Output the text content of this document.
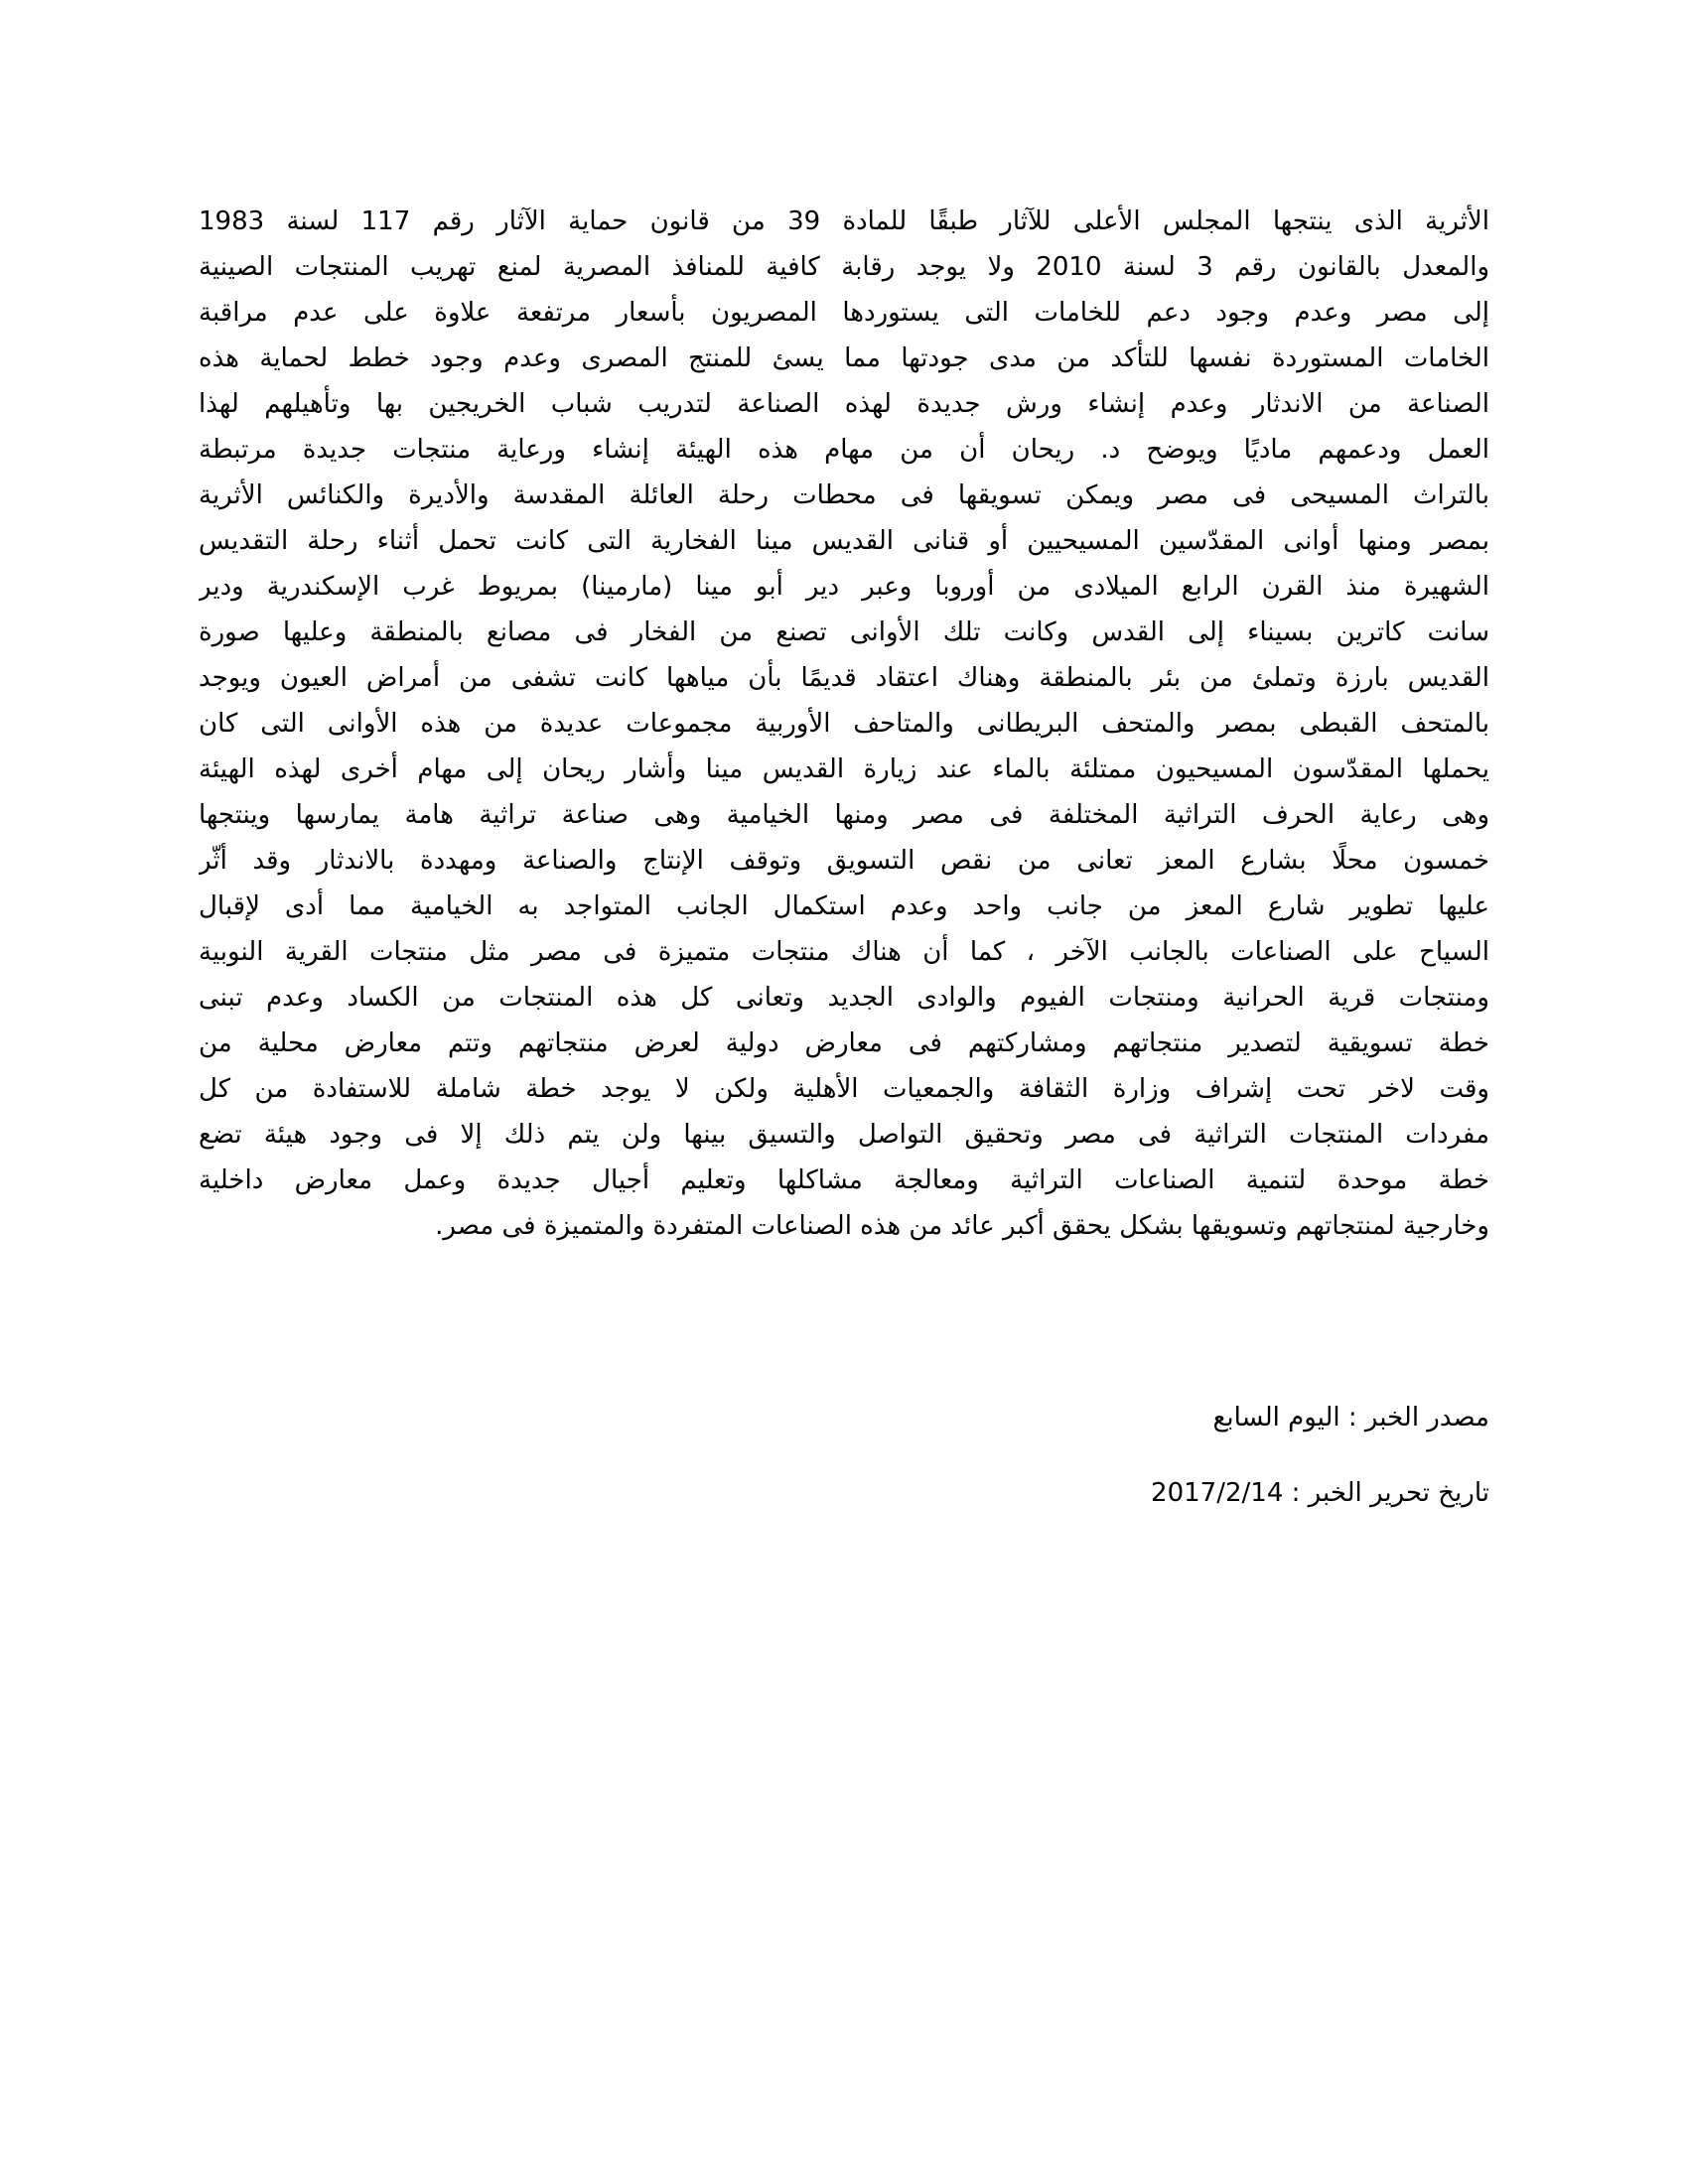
الأثرية الذى ينتجها المجلس الأعلى للآثار طبقًا للمادة 39 من قانون حماية الآثار رقم 117 لسنة 1983
والمعدل بالقانون رقم 3 لسنة 2010 ولا يوجد رقابة كافية للمنافذ المصرية لمنع تهريب المنتجات الصينية
إلى مصر وعدم وجود دعم للخامات التى يستوردها المصريون بأسعار مرتفعة علاوة على عدم مراقبة
الخامات المستوردة نفسها للتأكد من مدى جودتها مما يسئ للمنتج المصرى وعدم وجود خطط لحماية هذه
الصناعة من الاندثار وعدم إنشاء ورش جديدة لهذه الصناعة لتدريب شباب الخريجين بها وتأهيلهم لهذا
العمل ودعمهم ماديًا ويوضح د. ريحان أن من مهام هذه الهيئة إنشاء ورعاية منتجات جديدة مرتبطة
بالتراث المسيحى فى مصر ويمكن تسويقها فى محطات رحلة العائلة المقدسة والأديرة والكنائس الأثرية
بمصر ومنها أوانى المقدّسين المسيحيين أو قنانى القديس مينا الفخارية التى كانت تحمل أثناء رحلة التقديس
الشهيرة منذ القرن الرابع الميلادى من أوروبا وعبر دير أبو مينا (مارمينا) بمريوط غرب الإسكندرية ودير
سانت كاترين بسيناء إلى القدس وكانت تلك الأوانى تصنع من الفخار فى مصانع بالمنطقة وعليها صورة
القديس بارزة وتملئ من بئر بالمنطقة وهناك اعتقاد قديمًا بأن مياهها كانت تشفى من أمراض العيون ويوجد
بالمتحف القبطى بمصر والمتحف البريطانى والمتاحف الأوربية مجموعات عديدة من هذه الأوانى التى كان
يحملها المقدّسون المسيحيون ممتلئة بالماء عند زيارة القديس مينا وأشار ريحان إلى مهام أخرى لهذه الهيئة
وهى رعاية الحرف التراثية المختلفة فى مصر ومنها الخيامية وهى صناعة تراثية هامة يمارسها وينتجها
خمسون محلًا بشارع المعز تعانى من نقص التسويق وتوقف الإنتاج والصناعة ومهددة بالاندثار وقد أثّر
عليها تطوير شارع المعز من جانب واحد وعدم استكمال الجانب المتواجد به الخيامية مما أدى لإقبال
السياح على الصناعات بالجانب الآخر ، كما أن هناك منتجات متميزة فى مصر مثل منتجات القرية النوبية
ومنتجات قرية الحرانية ومنتجات الفيوم والوادى الجديد وتعانى كل هذه المنتجات من الكساد وعدم تبنى
خطة تسويقية لتصدير منتجاتهم ومشاركتهم فى معارض دولية لعرض منتجاتهم وتتم معارض محلية من
وقت لاخر تحت إشراف وزارة الثقافة والجمعيات الأهلية ولكن لا يوجد خطة شاملة للاستفادة من كل
مفردات المنتجات التراثية فى مصر وتحقيق التواصل والتسيق بينها ولن يتم ذلك إلا فى وجود هيئة تضع
خطة موحدة لتنمية الصناعات التراثية ومعالجة مشاكلها وتعليم أجيال جديدة وعمل معارض داخلية
وخارجية لمنتجاتهم وتسويقها بشكل يحقق أكبر عائد من هذه الصناعات المتفردة والمتميزة فى مصر.
مصدر الخبر : اليوم السابع
تاريخ تحرير الخبر : 2017/2/14
